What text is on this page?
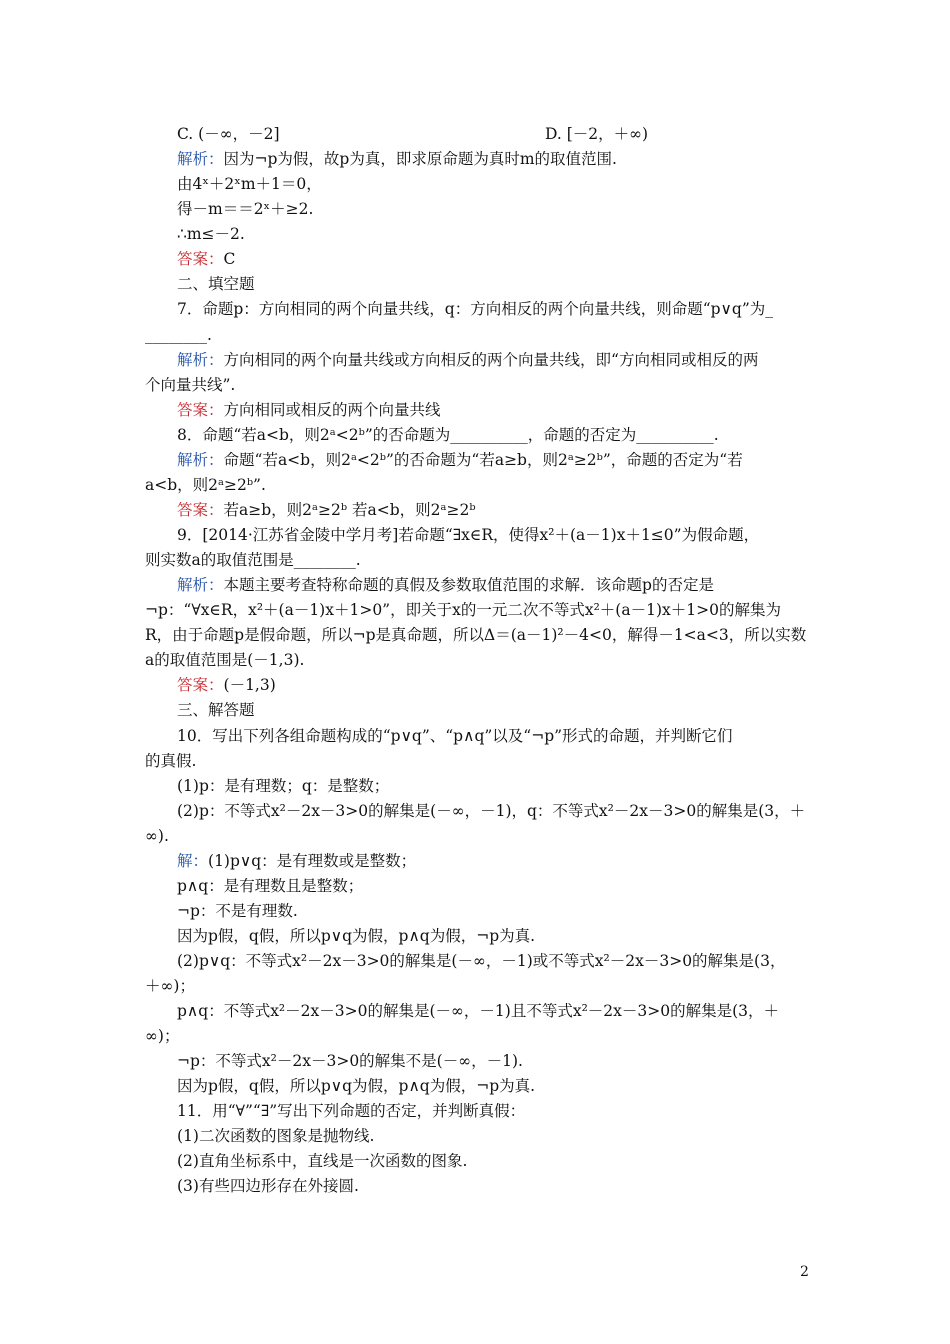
C. (－∞，－2]	D. [－2，＋∞)
解析：因为¬p为假，故p为真，即求原命题为真时m的取值范围.
由4ˣ＋2ˣm＋1＝0，
得－m＝＝2ˣ＋≥2.
∴m≤－2.
答案：C
二、填空题
7．命题p：方向相同的两个向量共线，q：方向相反的两个向量共线，则命题“p∨q”为_
________.
解析：方向相同的两个向量共线或方向相反的两个向量共线，即“方向相同或相反的两
个向量共线”.
答案：方向相同或相反的两个向量共线
8．命题“若a<b，则2ᵃ<2ᵇ”的否命题为__________，命题的否定为__________.
解析：命题“若a<b，则2ᵃ<2ᵇ”的否命题为“若a≥b，则2ᵃ≥2ᵇ”，命题的否定为“若
a<b，则2ᵃ≥2ᵇ”.
答案：若a≥b，则2ᵃ≥2ᵇ 若a<b，则2ᵃ≥2ᵇ
9．[2014·江苏省金陵中学月考]若命题“∃x∈R，使得x²＋(a－1)x＋1≤0”为假命题，
则实数a的取值范围是________.
解析：本题主要考查特称命题的真假及参数取值范围的求解．该命题p的否定是
¬p：“∀x∈R，x²＋(a－1)x＋1>0”，即关于x的一元二次不等式x²＋(a－1)x＋1>0的解集为
R，由于命题p是假命题，所以¬p是真命题，所以Δ＝(a－1)²－4<0，解得－1<a<3，所以实数
a的取值范围是(－1,3).
答案：(－1,3)
三、解答题
10．写出下列各组命题构成的“p∨q”、“p∧q”以及“¬p”形式的命题，并判断它们
的真假.
(1)p：是有理数；q：是整数；
(2)p：不等式x²－2x－3>0的解集是(－∞，－1)，q：不等式x²－2x－3>0的解集是(3，＋
∞).
解：(1)p∨q：是有理数或是整数；
p∧q：是有理数且是整数；
¬p：不是有理数.
因为p假，q假，所以p∨q为假，p∧q为假，¬p为真.
(2)p∨q：不等式x²－2x－3>0的解集是(－∞，－1)或不等式x²－2x－3>0的解集是(3，
＋∞)；
p∧q：不等式x²－2x－3>0的解集是(－∞，－1)且不等式x²－2x－3>0的解集是(3，＋
∞)；
¬p：不等式x²－2x－3>0的解集不是(－∞，－1).
因为p假，q假，所以p∨q为假，p∧q为假，¬p为真.
11．用“∀”“∃”写出下列命题的否定，并判断真假：
(1)二次函数的图象是抛物线.
(2)直角坐标系中，直线是一次函数的图象.
(3)有些四边形存在外接圆.
2
